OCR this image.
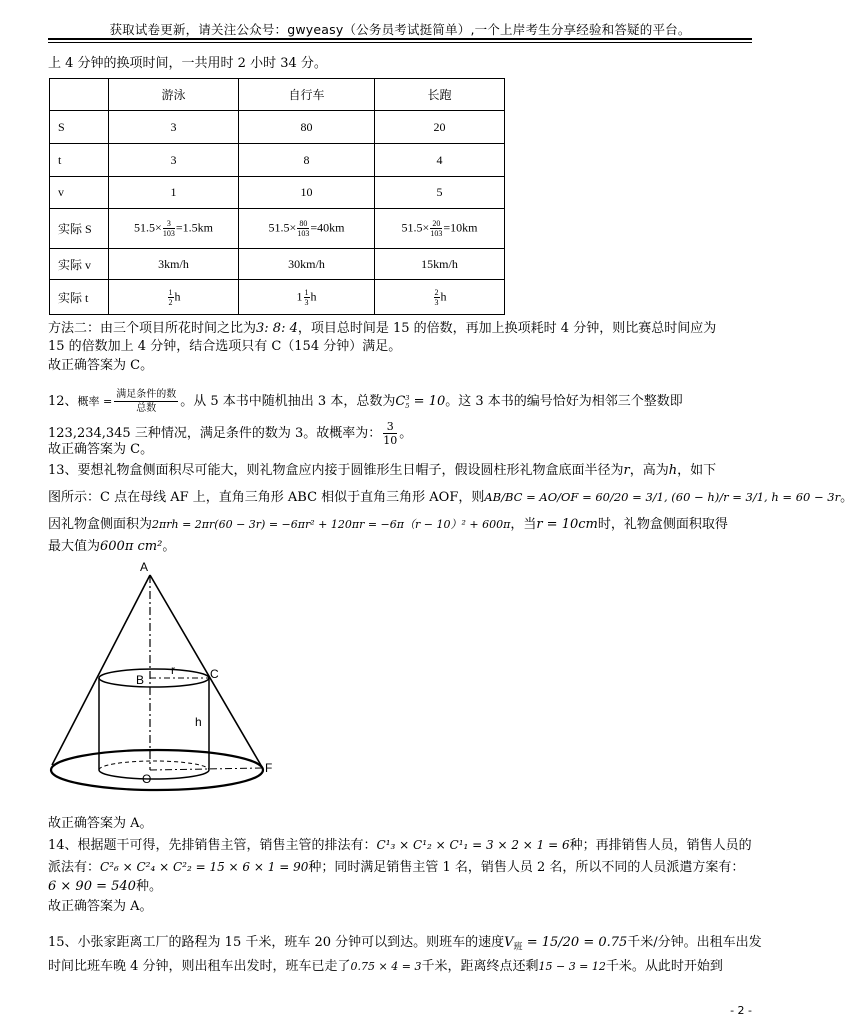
获取试卷更新，请关注公众号：gwyeasy（公务员考试挺简单）,一个上岸考生分享经验和答疑的平台。
上 4 分钟的换项时间，一共用时 2 小时 34 分。
	游泳	自行车	长跑
S	3	80	20
t	3	8	4
v	1	10	5
实际 S	$51.5\times \frac{3}{103} =1.5km$	$51.5\times \frac{80}{103} =40km$	$51.5\times \frac{20}{103} =10km$
实际 v	3km/h	30km/h	15km/h
实际 t	$\frac{1}{2}$ h	$1 \frac{1}{3}$ h	$\frac{2}{3}$ h
方法二：由三个项目所花时间之比为3: 8: 4，项目总时间是 15 的倍数，再加上换项耗时 4 分钟，则比赛总时间应为
15 的倍数加上 4 分钟，结合选项只有 C（154 分钟）满足。
故正确答案为 C。
12、概率 = $\frac{\text{满足条件的数}}{\text{总数}}$ 。从 5 本书中随机抽出 3 本，总数为C 3
5 = 10。这 3 本书的编号恰好为相邻三个整数即
123,234,345 三种情况，满足条件的数为 3。故概率为： $\frac{3}{10}$ 。
故正确答案为 C。
13、要想礼物盒侧面积尽可能大，则礼物盒应内接于圆锥形生日帽子，假设圆柱形礼物盒底面半径为r，高为h，如下
图所示：C 点在母线 AF 上，直角三角形 ABC 相似于直角三角形 AOF，则AB/BC = AO/OF = 60/20 = 3/1, (60 − h)/r = 3/1, h = 60 − 3r。
因礼物盒侧面积为2πrh = 2πr(60 − 3r) = −6πr² + 120πr = −6π（r − 10）² + 600π，当r = 10cm时，礼物盒侧面积取得
最大值为600π cm²。
A
B	C
r
h
O
F
故正确答案为 A。
14、根据题干可得，先排销售主管，销售主管的排法有：C¹₃ × C¹₂ × C¹₁ = 3 × 2 × 1 = 6种；再排销售人员，销售人员的
派法有：C²₆ × C²₄ × C²₂ = 15 × 6 × 1 = 90种；同时满足销售主管 1 名，销售人员 2 名，所以不同的人员派遣方案有：
6 × 90 = 540种。
故正确答案为 A。
15、小张家距离工厂的路程为 15 千米，班车 20 分钟可以到达。则班车的速度$V_班 = 15/20 = 0.75$千米/分钟。出租车出发
时间比班车晚 4 分钟，则出租车出发时，班车已走了0.75 × 4 = 3千米，距离终点还剩15 − 3 = 12千米。从此时开始到
- 2 -
